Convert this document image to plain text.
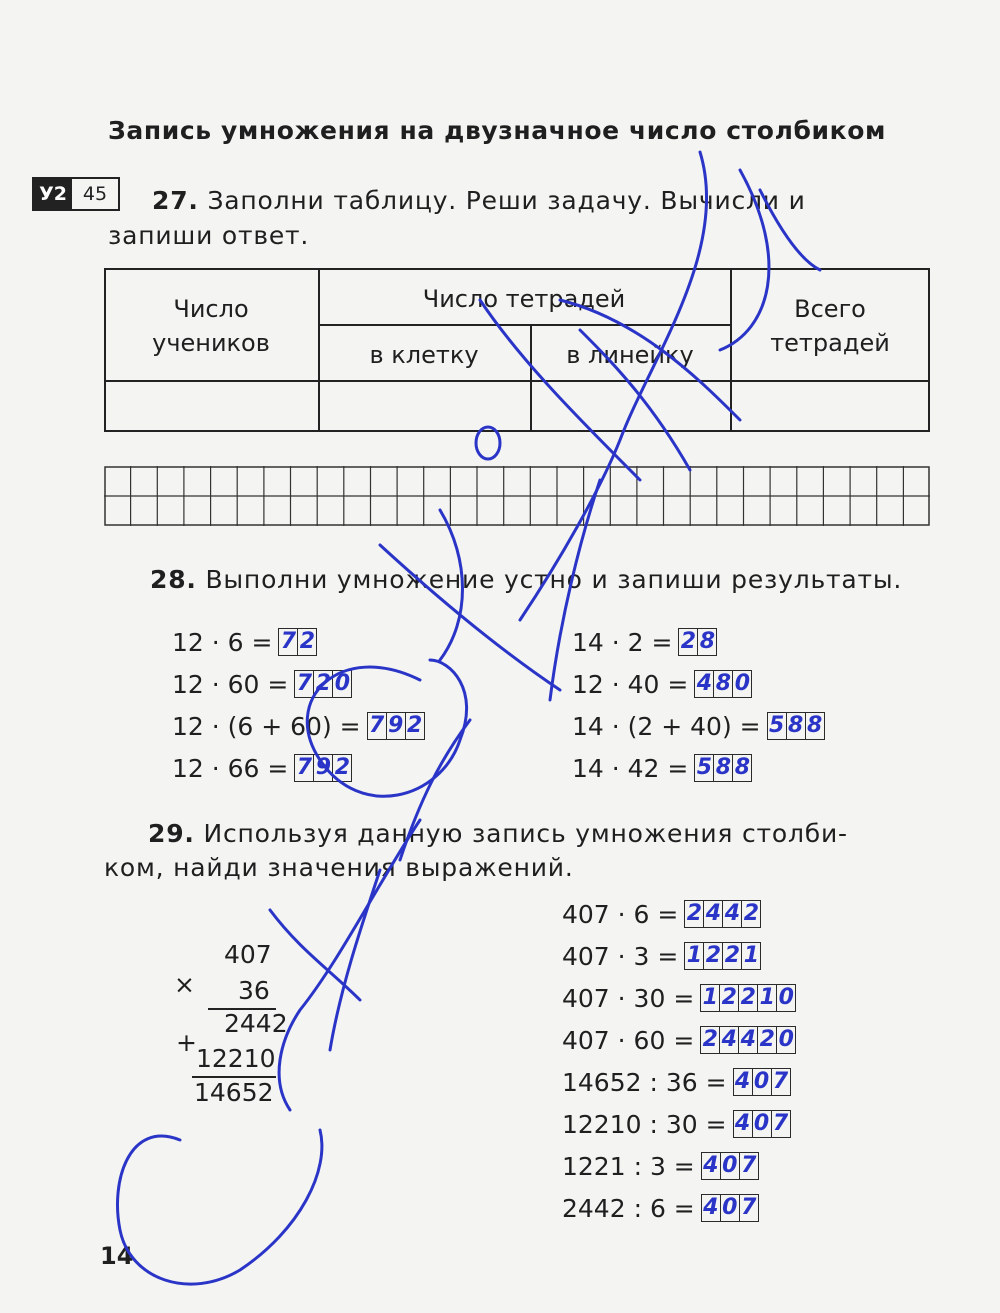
Запись умножения на двузначное число столбиком
У2 45	27. Заполни таблицу. Реши задачу. Вычисли и
запиши ответ.
Число учеников
Число тетрадей
в клетку	в линейку
Всего тетрадей
28. Выполни умножение устно и запиши результаты.
12 · 6 = 7 2
12 · 60 = 7 2 0
12 · (6 + 60) = 7 9 2
12 · 66 = 7 9 2
14 · 2 = 2 8
12 · 40 = 4 8 0
14 · (2 + 40) = 5 8 8
14 · 42 = 5 8 8
29. Используя данную запись умножения столби-
ком, найди значения выражений.
407
× 36
2442
+
12210
14652
407 · 6 = 2 4 4 2
407 · 3 = 1 2 2 1
407 · 30 = 1 2 2 1 0
407 · 60 = 2 4 4 2 0
14652 : 36 = 4 0 7
12210 : 30 = 4 0 7
1221 : 3 = 4 0 7
2442 : 6 = 4 0 7
14
